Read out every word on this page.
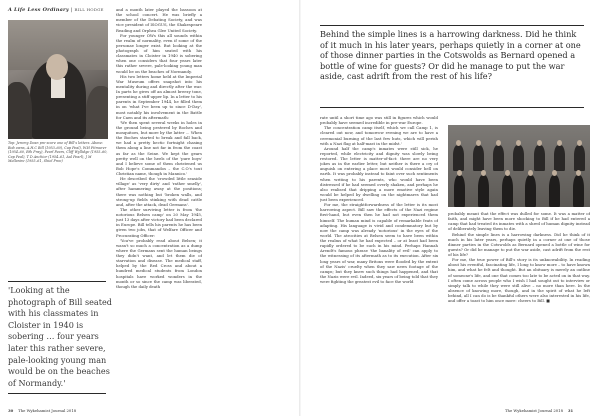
A Life Less Ordinary | BILL HODGE
Top: Jeremy Dean pre-score one of Bill's letters. Above: Bob owns, A.H.C Bill (1953–60), Cap Peal), W.H Fitmurer (1954–60, Rth Pray), Pearl Pears, Cliff Wyllidge (1955–60, Cap Peal), T D Anchior (1954–61, Aul Pearl), J M Mellanire (1955–61, Shiel Pree)
'Looking at the photograph of Bill seated with his classmates in Cloister in 1940 is sobering … four years later this rather severe, pale-looking young man would be on the beaches of Normandy.'

and a month later played the bassoon at the school concert. He was briefly a member of the Debating Society, and was vice president of ISOGUS, the Shakespeare Reading and Orphea Glee United Society.

For younger OWs this all sounds within the realm of normality, even if some of the personae longer exist. But looking at the photograph of him seated with his classmates in Cloister in 1940 is sobering when one considers that four years later this rather severe, pale-looking young man would be on the beaches of Normandy.

His two letters home held at the Imperial War Museum offers snapshot into his mentality during and directly after the war. In parts he gives off an almost breezy tone, presenting a stiff upper lip. In a letter to his parents in September 1944, he filled them in on 'what I've been up to since D-Day', most notably his involvement in the Battle for Caen and its aftermath:

'We then spent several weeks in holes in the ground being pestered by Boches and mosquitoes, but more by the latter … When the Boches started to break and fall back, we had a pretty hectic fortnight chasing them along a line not far in from the coast as far as the Seine. We kept the gears pretty well on the heels of the 'pure boys' and I believe some of them christened us Bob Hope's Commandos – the C.O's tout Christian name, though in Mannico.'

He described the 'crowded little seaside village' as 'very dirty' and 'rather smelly', after hammering away at the positions; there was nothing but 'broken walls, and strong-up fields stinking with dead cattle and, after the attack, dead Germans'.

The other surviving letter is from 'the notorious Belsen camp' on 20 May 1945, just 13 days after victory had been declared in Europe. Bill tells his parents he has been given two jobs, that of Welfare Officer and Procurating Officer:

'You've probably read about Belsen; it wasn't so much a concentration as a dump where the Germans sent the human beings they didn't want, and let them die of starvation and disease. The medical staff, helped by the Red Cross and about a hundred medical students from London hospitals have worked wonders in the month or so since the camp was liberated, though the daily death

Behind the simple lines is a harrowing darkness. Did he think of it much in his later years, perhaps quietly in a corner at one of those dinner parties in the Cotswolds as Bernard opened a bottle of wine for guests? Or did he manage to put the war aside, cast adrift from the rest of his life?

rate until a short time ago was still in figures which would probably have seemed incredible in pre-war Europe.

The concentration camp itself, which we call Camp 1, is cleared out now, and tomorrow evening we are to have a ceremonial burning of the last few huts, which will perish with a Nazi flag at half-mast in the midst.'

Around half the camp's inmates were still sick, he reported, while electricity and dignity was slowly being restored. The letter is matter-of-fact: there are no very jokes as in the earlier letter, but neither is there a cry of anguish on entering a place most would consider hell on earth. It was probably instead to faint over such sentiments when writing to his parents, who would have been distressed if he had seemed overly shaken, and perhaps he also realised that dripping a more emotive style again would be helped by dwelling on the nightmares that had just been experienced.

For me, the straightforwardness of the letter is its most harrowing aspect. Bill saw the effects of the Nazi regime first-hand, but even then he had not experienced them himself. The human mind is capable of remarkable feats of adapting. His language is vivid and condemnatory but by now the camp was already 'notorious' in the eyes of the world. The atrocities at Belsen seem to have been within the realms of what he had expected – or at least had been rapidly ordered to be such in his mind. Perhaps Hannah Arendt's famous phrase 'the banality of evil' can apply to the witnessing of its aftermath as to its execution. After six long years of war, many Britons were flooded by the extent of the Nazis' cruelty when they saw news footage of the camps; but they knew such things had happened, and that the Nazis were evil. Indeed, six years of being told that they were fighting the greatest evil to face the world

probably meant that the effect was dulled for some. It was a matter of faith, and might have been more shocking to Bill if he had entered a camp that had treated its inmates with a shred of human dignity instead of deliberately leaving them to die.

Behind the simple lines is a harrowing darkness. Did he think of it much in his later years, perhaps quietly in a corner at one of those dinner parties in the Cotswolds as Bernard opened a bottle of wine for guests? Or did he manage to put the war aside, cast adrift from the rest of his life?

For me, the true power of Bill's story is its unknowability. In reading about his eventful, fascinating life, I long to know more – to have known him, and what he felt and thought. But an obituary is merely an outline of someone's life, and one that comes too late to be acted on in that way. I often come across people who I wish I had sought out to interview or simply talk to while they were still alive – no more than here. In the absence of knowing more, though, and in the spirit of what he left behind, all I can do is be thankful others were also interested in his life, and offer a toast to him once more: cheers to Bill. ■

30 The Wykehamist Journal 2018	The Wykehamist Journal 2018 31
